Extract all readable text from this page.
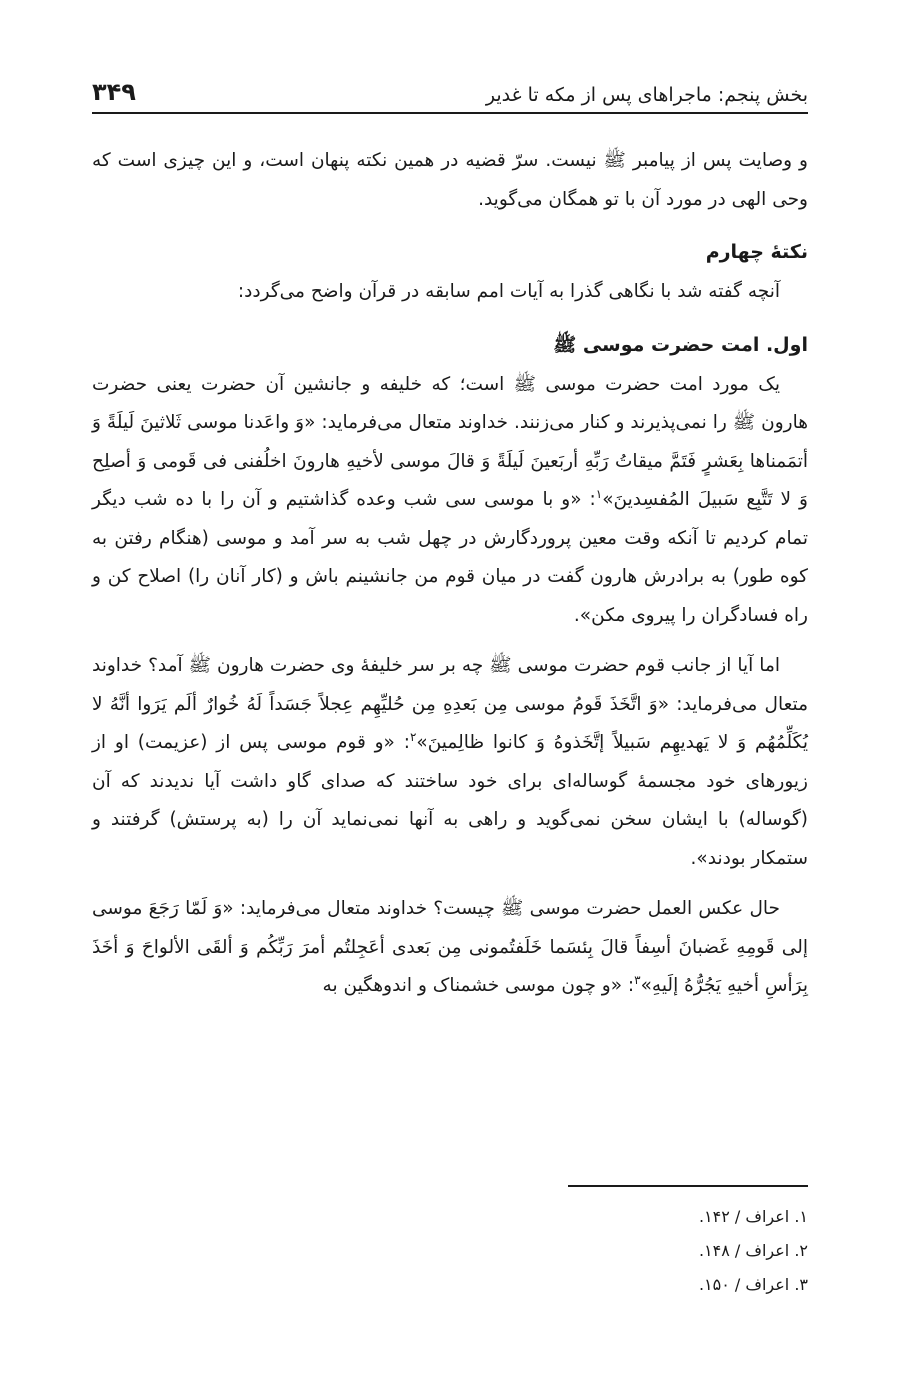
بخش پنجم: ماجراهای پس از مکه تا غدیر
۳۴۹

و وصایت پس از پیامبر ﷺ نیست. سرّ قضیه در همین نکته پنهان است، و این چیزی است که وحی الهی در مورد آن با تو همگان می‌گوید.

نکتهٔ چهارم

آنچه گفته شد با نگاهی گذرا به آیات امم سابقه در قرآن واضح می‌گردد:

اول. امت حضرت موسی ﷺ

یک مورد امت حضرت موسی ﷺ است؛ که خلیفه و جانشین آن حضرت یعنی حضرت هارون ﷺ را نمی‌پذیرند و کنار می‌زنند. خداوند متعال می‌فرماید: «وَ واعَدنا موسی ثَلاثینَ لَیلَةً وَ أتمَمناها بِعَشرٍ فَتَمَّ میقاتُ رَبِّهِ أربَعینَ لَیلَةً وَ قالَ موسی لأخیهِ هارونَ اخلُفنی فی قَومی وَ أصلِح وَ لا تَتَّبِع سَبیلَ المُفسِدینَ»$^۱$: «و با موسی سی شب وعده گذاشتیم و آن را با ده شب دیگر تمام کردیم تا آنکه وقت معین پروردگارش در چهل شب به سر آمد و موسی (هنگام رفتن به کوه طور) به برادرش هارون گفت در میان قوم من جانشینم باش و (کار آنان را) اصلاح کن و راه فسادگران را پیروی مکن».

اما آیا از جانب قوم حضرت موسی ﷺ چه بر سر خلیفهٔ وی حضرت هارون ﷺ آمد؟ خداوند متعال می‌فرماید: «وَ اتَّخَذَ قَومُ موسی مِن بَعدِهِ مِن حُلیِّهِم عِجلاً جَسَداً لَهُ خُوارٌ ألَم یَرَوا أنَّهُ لا یُکَلِّمُهُم وَ لا یَهدیهِم سَبیلاً إتَّخَذوهُ وَ کانوا ظالِمینَ»$^۲$: «و قوم موسی پس از (عزیمت) او از زیورهای خود مجسمهٔ گوساله‌ای برای خود ساختند که صدای گاو داشت آیا ندیدند که آن (گوساله) با ایشان سخن نمی‌گوید و راهی به آنها نمی‌نماید آن را (به پرستش) گرفتند و ستمکار بودند».

حال عکس العمل حضرت موسی ﷺ چیست؟ خداوند متعال می‌فرماید: «وَ لَمّا رَجَعَ موسی إلی قَومِهِ غَضبانَ أسِفاً قالَ بِئسَما خَلَفتُمونی مِن بَعدی أعَجِلتُم أمرَ رَبِّکُم وَ ألقَی الألواحَ وَ أخَذَ بِرَأسِ أخیهِ یَجُرُّهُ إلَیهِ»$^۳$: «و چون موسی خشمناک و اندوهگین به

۱. اعراف / ۱۴۲.
۲. اعراف / ۱۴۸.
۳. اعراف / ۱۵۰.
